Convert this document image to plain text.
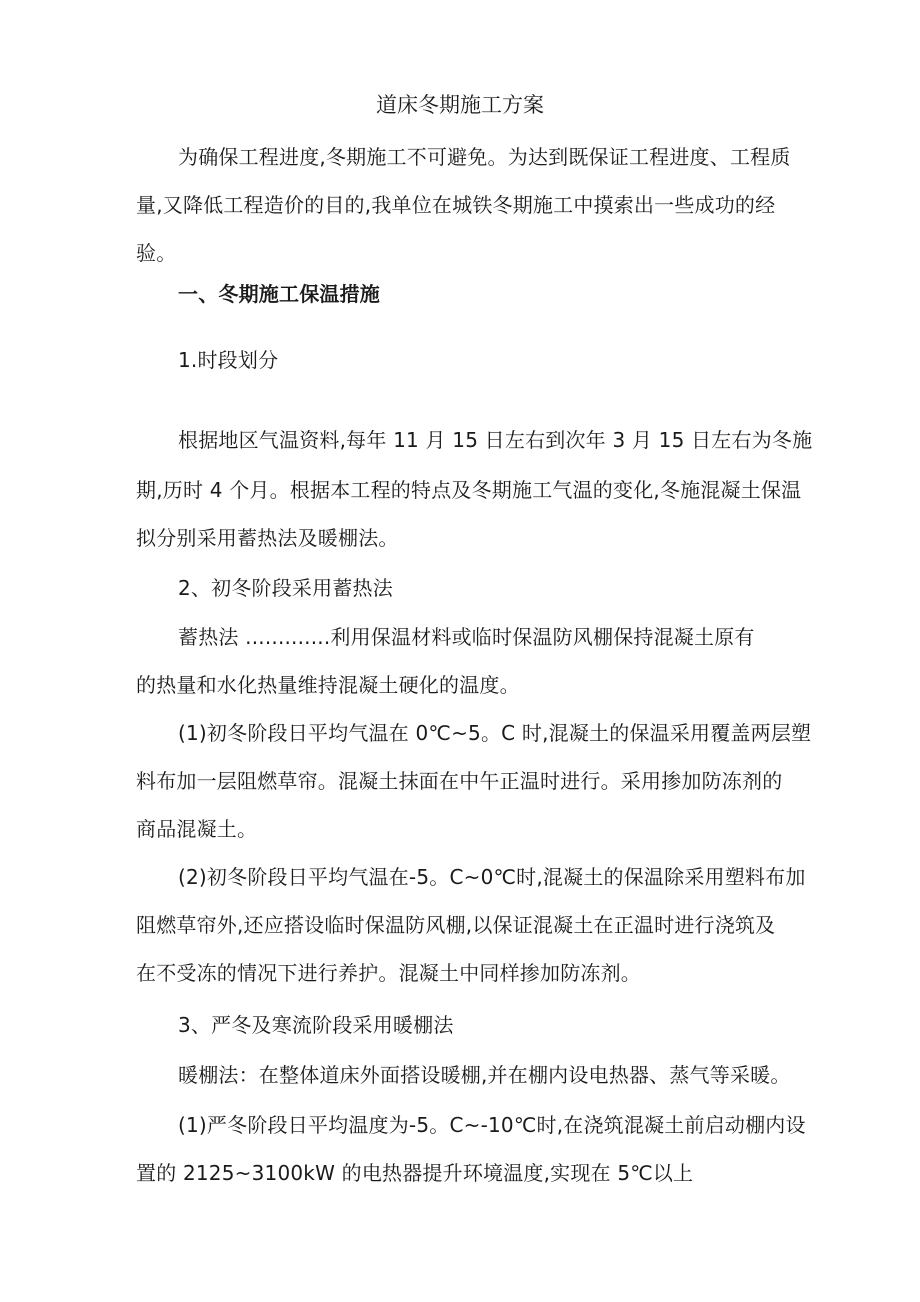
道床冬期施工方案
为确保工程进度,冬期施工不可避免。为达到既保证工程进度、工程质
量,又降低工程造价的目的,我单位在城铁冬期施工中摸索出一些成功的经
验。
一、冬期施工保温措施
1.时段划分
根据地区气温资料,每年 11 月 15 日左右到次年 3 月 15 日左右为冬施
期,历时 4 个月。根据本工程的特点及冬期施工气温的变化,冬施混凝土保温
拟分别采用蓄热法及暖棚法。
2、初冬阶段采用蓄热法
蓄热法 .............利用保温材料或临时保温防风棚保持混凝土原有
的热量和水化热量维持混凝土硬化的温度。
(1)初冬阶段日平均气温在 0℃~5。C 时,混凝土的保温采用覆盖两层塑
料布加一层阻燃草帘。混凝土抹面在中午正温时进行。采用掺加防冻剂的
商品混凝土。
(2)初冬阶段日平均气温在-5。C~0℃时,混凝土的保温除采用塑料布加
阻燃草帘外,还应搭设临时保温防风棚,以保证混凝土在正温时进行浇筑及
在不受冻的情况下进行养护。混凝土中同样掺加防冻剂。
3、严冬及寒流阶段采用暖棚法
暖棚法：在整体道床外面搭设暖棚,并在棚内设电热器、蒸气等采暖。
(1)严冬阶段日平均温度为-5。C~-10℃时,在浇筑混凝土前启动棚内设
置的 2125~3100kW 的电热器提升环境温度,实现在 5℃以上
